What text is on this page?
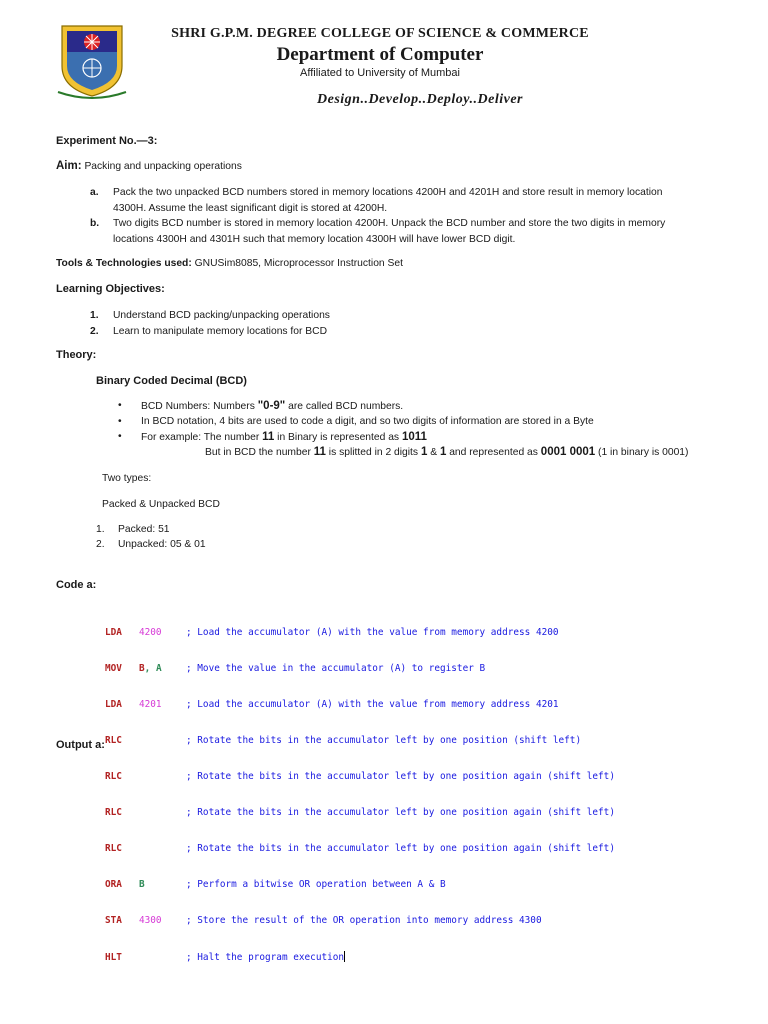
SHRI G.P.M. DEGREE COLLEGE OF SCIENCE & COMMERCE
Department of Computer
Affiliated to University of Mumbai
Design..Develop..Deploy..Deliver
Experiment No.—3:
Aim: Packing and unpacking operations
a. Pack the two unpacked BCD numbers stored in memory locations 4200H and 4201H and store result in memory location 4300H. Assume the least significant digit is stored at 4200H.
b. Two digits BCD number is stored in memory location 4200H. Unpack the BCD number and store the two digits in memory locations 4300H and 4301H such that memory location 4300H will have lower BCD digit.
Tools & Technologies used: GNUSim8085, Microprocessor Instruction Set
Learning Objectives:
1. Understand BCD packing/unpacking operations
2. Learn to manipulate memory locations for BCD
Theory:
Binary Coded Decimal (BCD)
• BCD Numbers: Numbers "0-9" are called BCD numbers.
• In BCD notation, 4 bits are used to code a digit, and so two digits of information are stored in a Byte
• For example: The number 11 in Binary is represented as 1011
But in BCD the number 11 is splitted in 2 digits 1 & 1 and represented as 0001 0001 (1 in binary is 0001)
Two types:
Packed & Unpacked BCD
1. Packed: 51
2. Unpacked: 05 & 01
Code a:

LDA 4200	; Load the accumulator (A) with the value from memory address 4200

MOV B, A	; Move the value in the accumulator (A) to register B

LDA 4201	; Load the accumulator (A) with the value from memory address 4201

RLC	; Rotate the bits in the accumulator left by one position (shift left)

RLC	; Rotate the bits in the accumulator left by one position again (shift left)

RLC	; Rotate the bits in the accumulator left by one position again (shift left)

RLC	; Rotate the bits in the accumulator left by one position again (shift left)

ORA B	; Perform a bitwise OR operation between A & B

STA 4300	; Store the result of the OR operation into memory address 4300

HLT	; Halt the program execution

Output a:
